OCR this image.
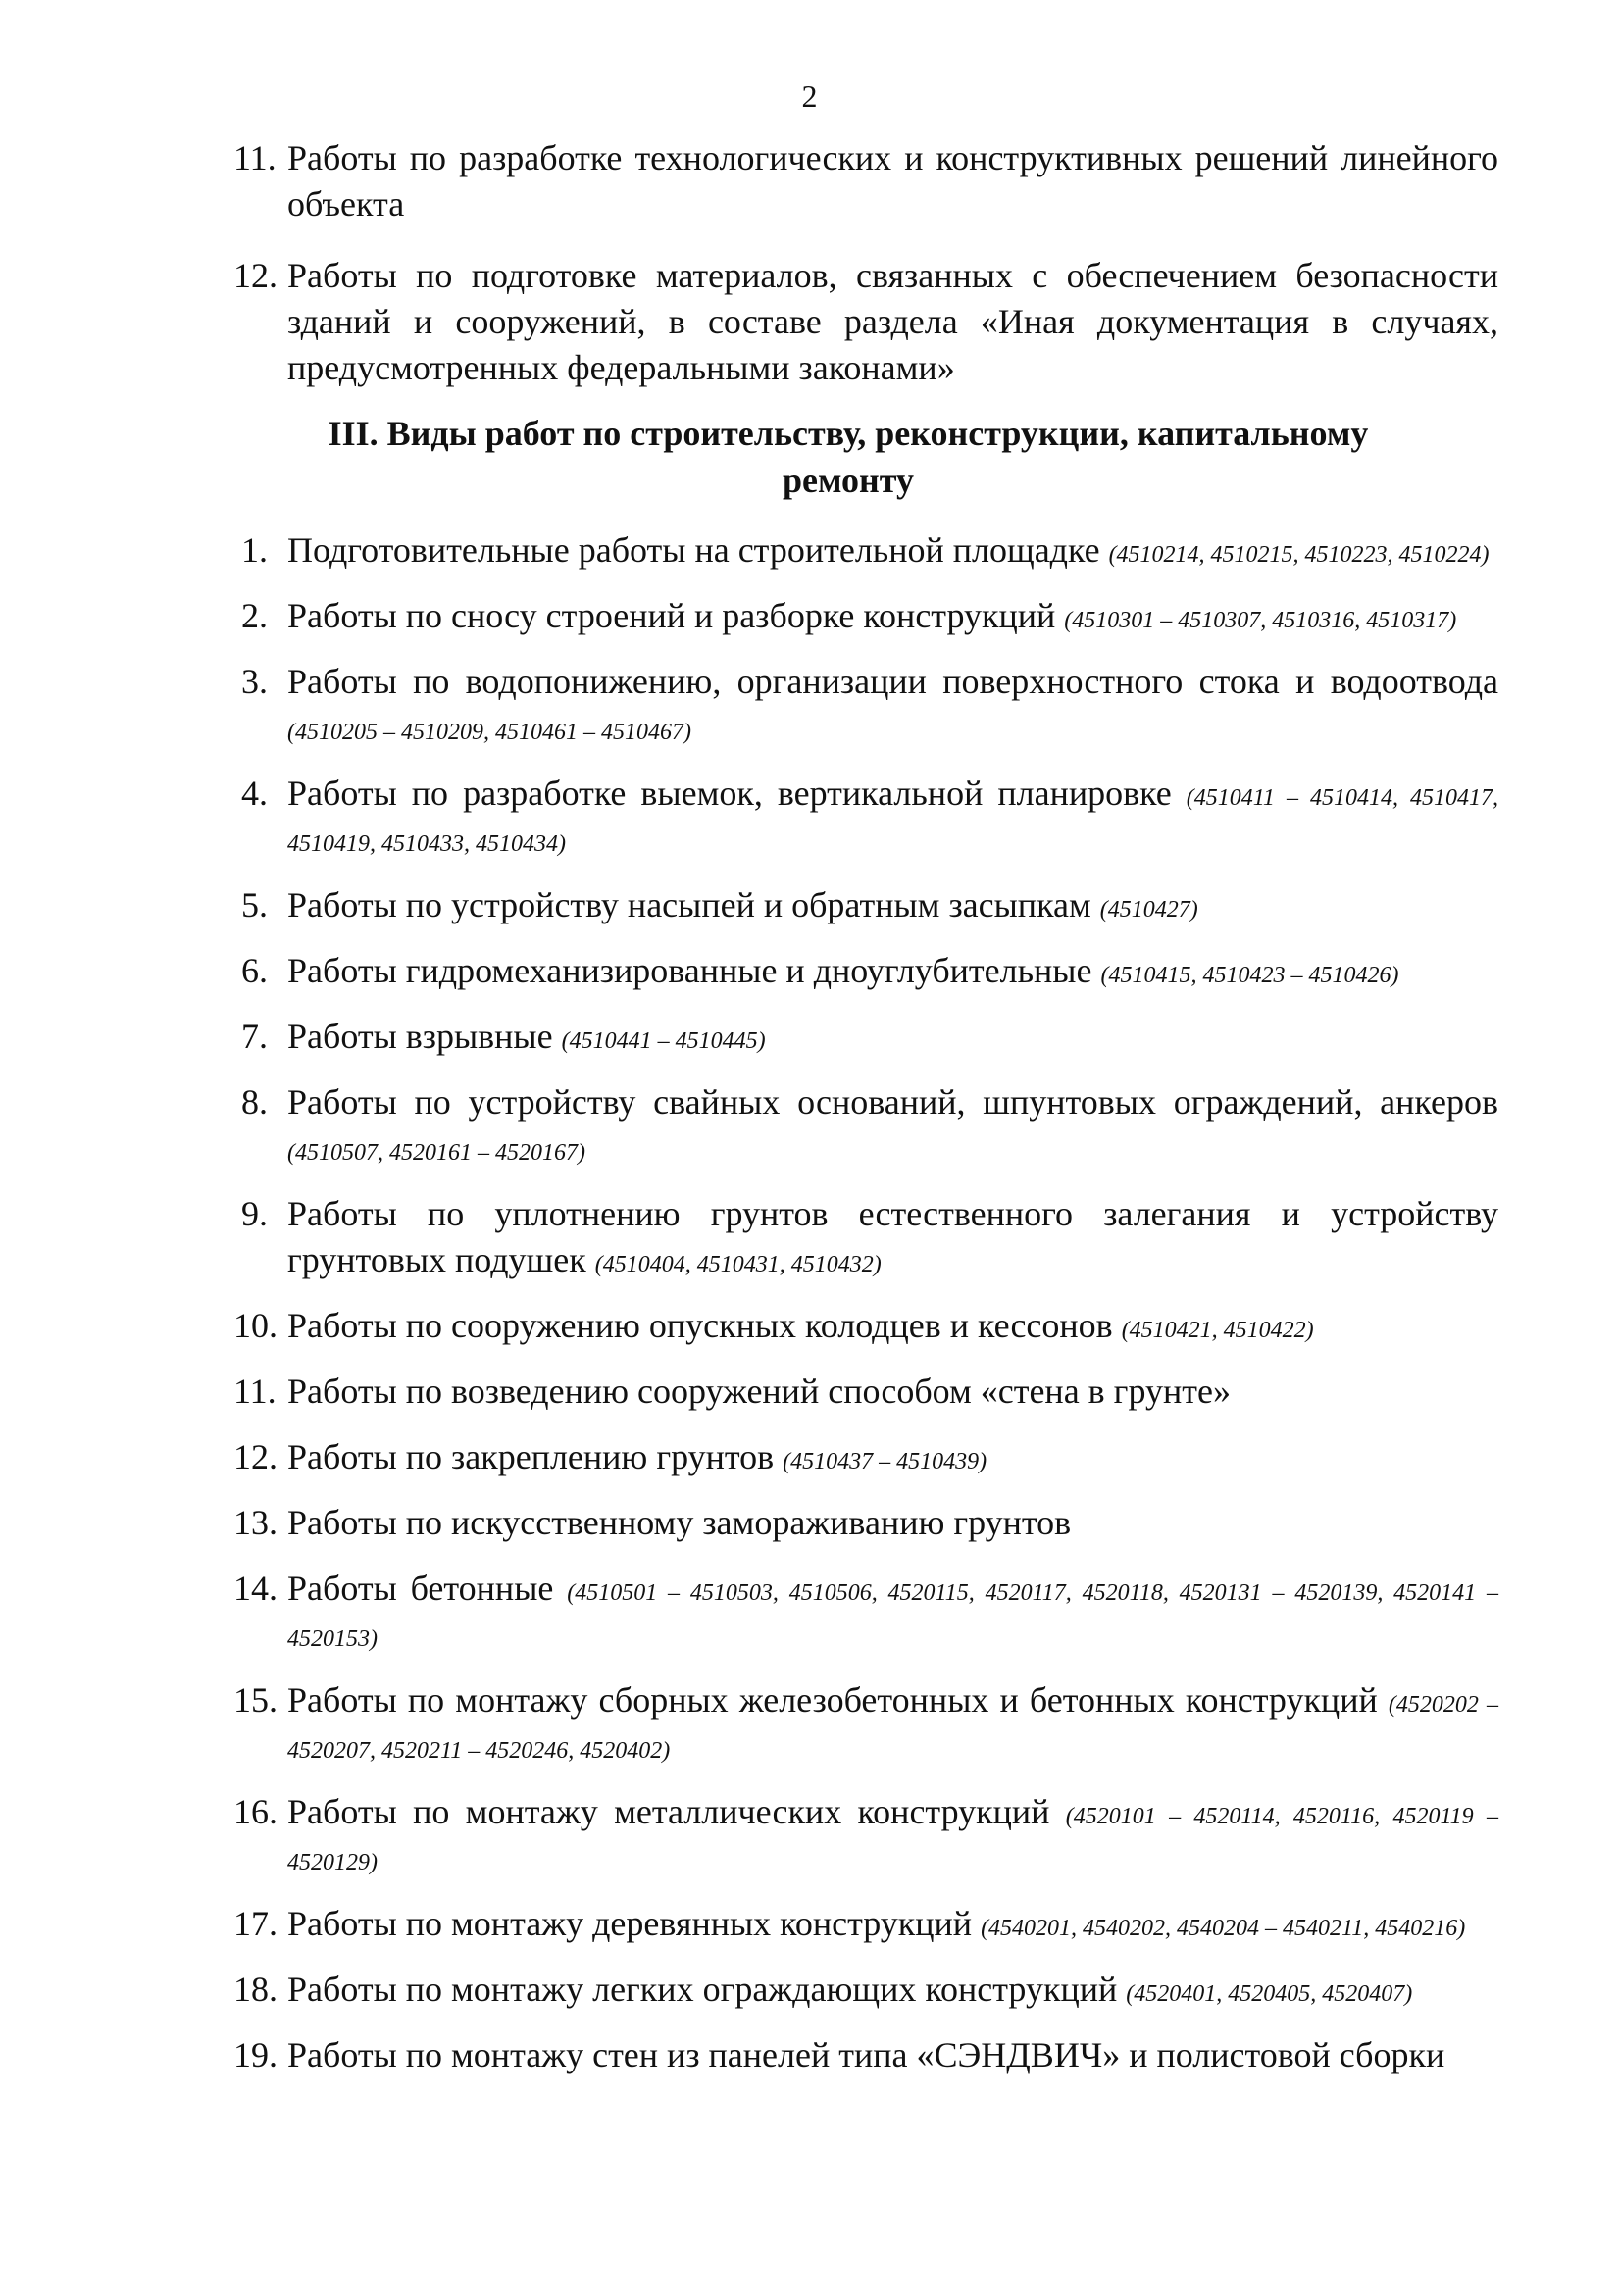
2
11. Работы по разработке технологических и конструктивных решений линейного объекта
12. Работы по подготовке материалов, связанных с обеспечением безопасности зданий и сооружений, в составе раздела «Иная документация в случаях, предусмотренных федеральными законами»
III. Виды работ по строительству, реконструкции, капитальному ремонту
1. Подготовительные работы на строительной площадке (4510214, 4510215, 4510223, 4510224)
2. Работы по сносу строений и разборке конструкций (4510301 – 4510307, 4510316, 4510317)
3. Работы по водопонижению, организации поверхностного стока и водоотвода (4510205 – 4510209, 4510461 – 4510467)
4. Работы по разработке выемок, вертикальной планировке (4510411 – 4510414, 4510417, 4510419, 4510433, 4510434)
5. Работы по устройству насыпей и обратным засыпкам (4510427)
6. Работы гидромеханизированные и дноуглубительные (4510415, 4510423 – 4510426)
7. Работы взрывные (4510441 – 4510445)
8. Работы по устройству свайных оснований, шпунтовых ограждений, анкеров (4510507, 4520161 – 4520167)
9. Работы по уплотнению грунтов естественного залегания и устройству грунтовых подушек (4510404, 4510431, 4510432)
10. Работы по сооружению опускных колодцев и кессонов (4510421, 4510422)
11. Работы по возведению сооружений способом «стена в грунте»
12. Работы по закреплению грунтов (4510437 – 4510439)
13. Работы по искусственному замораживанию грунтов
14. Работы бетонные (4510501 – 4510503, 4510506, 4520115, 4520117, 4520118, 4520131 – 4520139, 4520141 – 4520153)
15. Работы по монтажу сборных железобетонных и бетонных конструкций (4520202 – 4520207, 4520211 – 4520246, 4520402)
16. Работы по монтажу металлических конструкций (4520101 – 4520114, 4520116, 4520119 – 4520129)
17. Работы по монтажу деревянных конструкций (4540201, 4540202, 4540204 – 4540211, 4540216)
18. Работы по монтажу легких ограждающих конструкций (4520401, 4520405, 4520407)
19. Работы по монтажу стен из панелей типа «СЭНДВИЧ» и полистовой сборки
